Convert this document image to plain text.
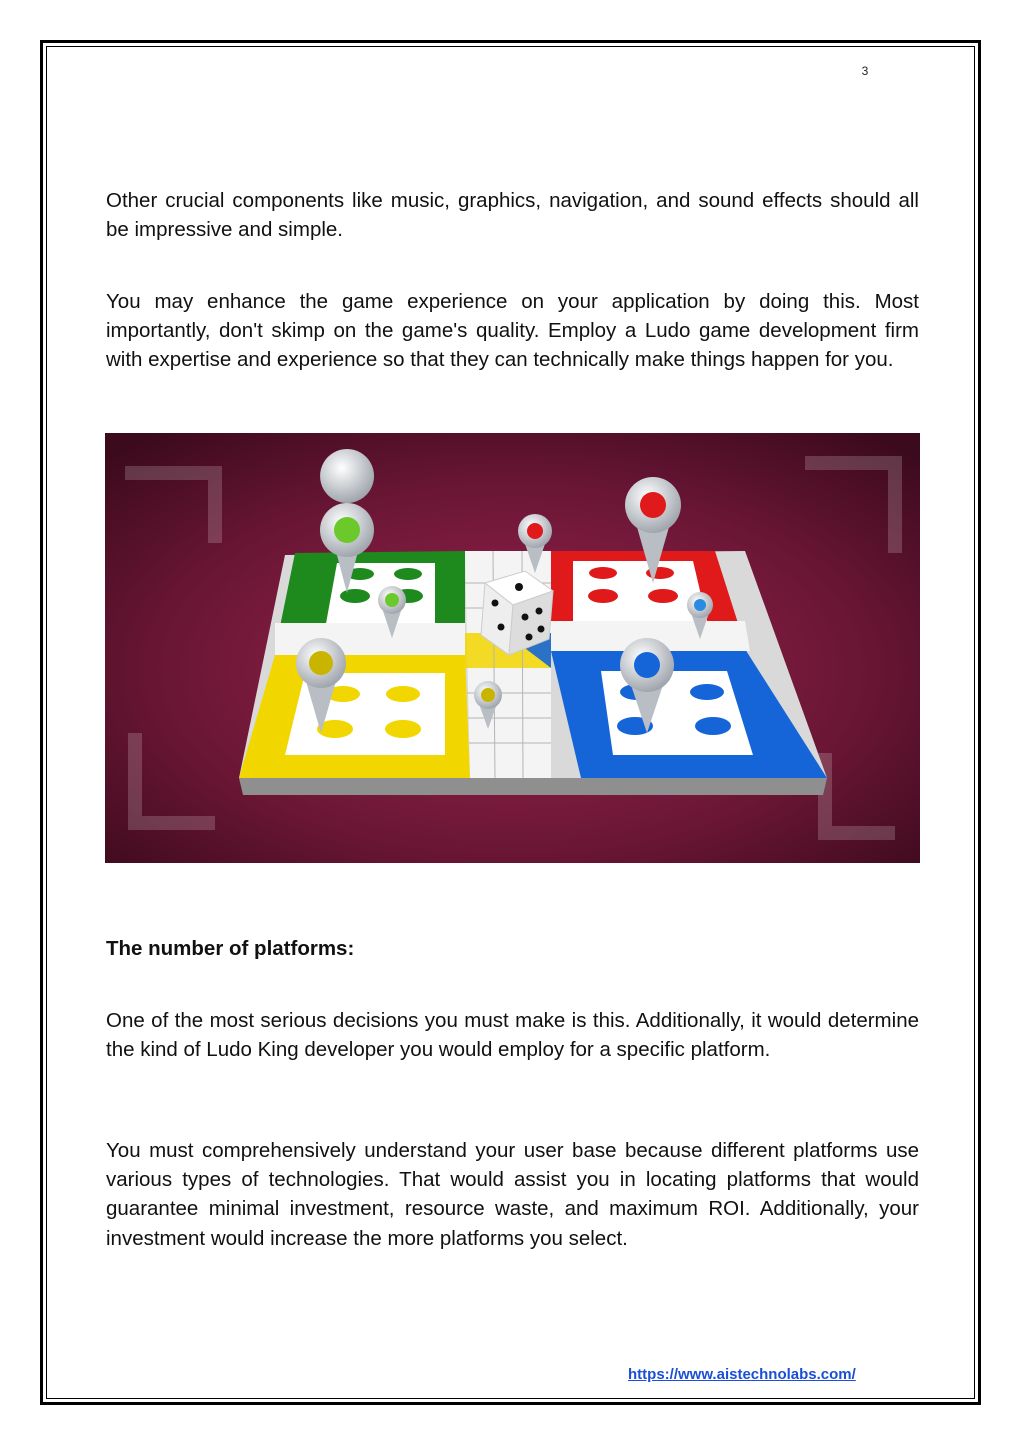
3

Other crucial components like music, graphics, navigation, and sound effects should all be impressive and simple.

You may enhance the game experience on your application by doing this. Most importantly, don't skimp on the game's quality. Employ a Ludo game development firm with expertise and experience so that they can technically make things happen for you.

The number of platforms:

One of the most serious decisions you must make is this. Additionally, it would determine the kind of Ludo King developer you would employ for a specific platform.

You must comprehensively understand your user base because different platforms use various types of technologies. That would assist you in locating platforms that would guarantee minimal investment, resource waste, and maximum ROI. Additionally, your investment would increase the more platforms you select.

https://www.aistechnolabs.com/
